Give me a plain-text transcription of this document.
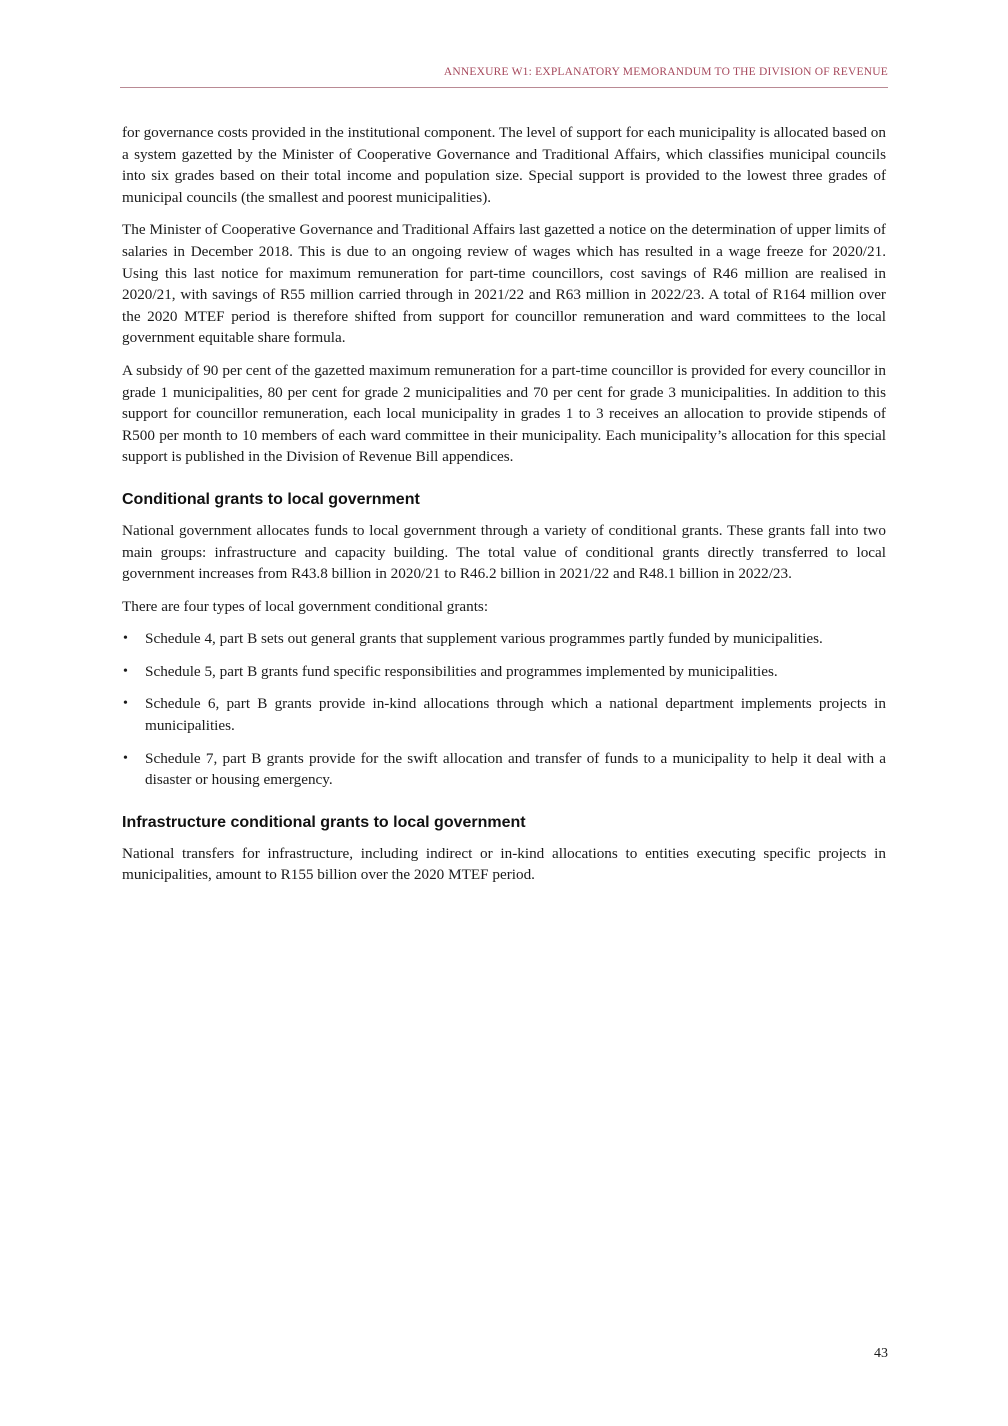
ANNEXURE W1: EXPLANATORY MEMORANDUM TO THE DIVISION OF REVENUE

for governance costs provided in the institutional component. The level of support for each municipality is allocated based on a system gazetted by the Minister of Cooperative Governance and Traditional Affairs, which classifies municipal councils into six grades based on their total income and population size. Special support is provided to the lowest three grades of municipal councils (the smallest and poorest municipalities).

The Minister of Cooperative Governance and Traditional Affairs last gazetted a notice on the determination of upper limits of salaries in December 2018. This is due to an ongoing review of wages which has resulted in a wage freeze for 2020/21. Using this last notice for maximum remuneration for part-time councillors, cost savings of R46 million are realised in 2020/21, with savings of R55 million carried through in 2021/22 and R63 million in 2022/23. A total of R164 million over the 2020 MTEF period is therefore shifted from support for councillor remuneration and ward committees to the local government equitable share formula.

A subsidy of 90 per cent of the gazetted maximum remuneration for a part-time councillor is provided for every councillor in grade 1 municipalities, 80 per cent for grade 2 municipalities and 70 per cent for grade 3 municipalities. In addition to this support for councillor remuneration, each local municipality in grades 1 to 3 receives an allocation to provide stipends of R500 per month to 10 members of each ward committee in their municipality. Each municipality’s allocation for this special support is published in the Division of Revenue Bill appendices.

Conditional grants to local government

National government allocates funds to local government through a variety of conditional grants. These grants fall into two main groups: infrastructure and capacity building. The total value of conditional grants directly transferred to local government increases from R43.8 billion in 2020/21 to R46.2 billion in 2021/22 and R48.1 billion in 2022/23.

There are four types of local government conditional grants:

• Schedule 4, part B sets out general grants that supplement various programmes partly funded by municipalities.
• Schedule 5, part B grants fund specific responsibilities and programmes implemented by municipalities.
• Schedule 6, part B grants provide in-kind allocations through which a national department implements projects in municipalities.
• Schedule 7, part B grants provide for the swift allocation and transfer of funds to a municipality to help it deal with a disaster or housing emergency.
Infrastructure conditional grants to local government

National transfers for infrastructure, including indirect or in-kind allocations to entities executing specific projects in municipalities, amount to R155 billion over the 2020 MTEF period.

43
